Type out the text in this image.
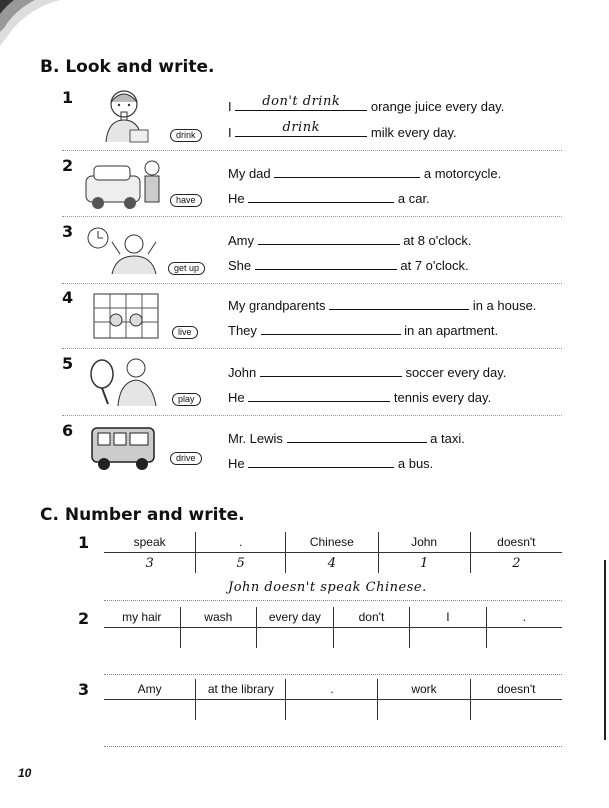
B. Look and write.
1
drink
I	don't drink	orange juice every day.
I	drink	milk every day.
2
have
My dad	a motorcycle.
He	a car.
3
get up
Amy	at 8 o'clock.
She	at 7 o'clock.
4
live
My grandparents	in a house.
They	in an apartment.
5
play
John	soccer every day.
He	tennis every day.
6
drive
Mr. Lewis	a taxi.
He	a bus.
C. Number and write.
1	speak	.	Chinese	John	doesn't
3	5	4	1	2
John doesn't speak Chinese.
2	my hair	wash	every day	don't	I	.

3	Amy	at the library	.	work	doesn't

10
